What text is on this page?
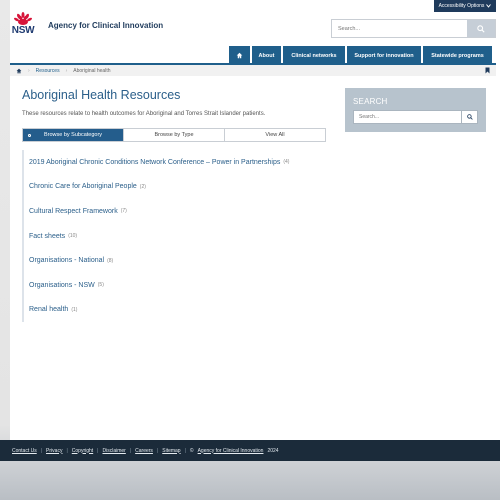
Accessibility Options
NSW Agency for Clinical Innovation
Search...
About	Clinical networks	Support for innovation	Statewide programs
› Resources › Aboriginal health
Aboriginal Health Resources
These resources relate to health outcomes for Aboriginal and Torres Strait Islander patients.
Browse by Subcategory	Browse by Type	View All
2019 Aboriginal Chronic Conditions Network Conference – Power in Partnerships (4)
Chronic Care for Aboriginal People (2)
Cultural Respect Framework (7)
Fact sheets (10)
Organisations - National (8)
Organisations - NSW (5)
Renal health (1)
SEARCH
Search...
Contact Us | Privacy | Copyright | Disclaimer | Careers | Sitemap | © Agency for Clinical Innovation 2024
